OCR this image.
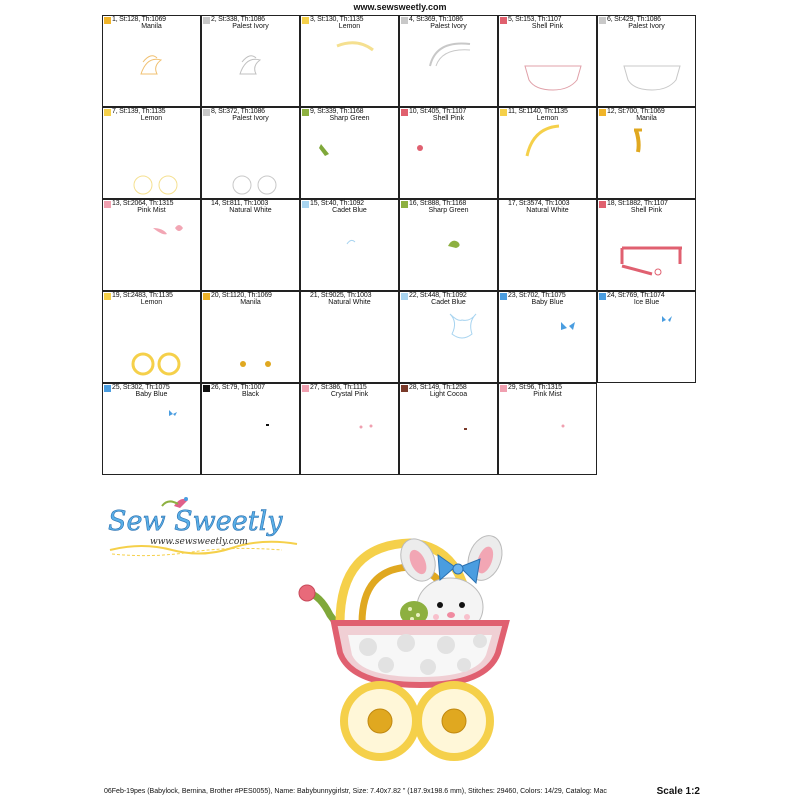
www.sewsweetly.com
1, St:128, Th:1069
Manila
2, St:338, Th:1086
Palest Ivory
3, St:130, Th:1135
Lemon
4, St:369, Th:1086
Palest Ivory
5, St:153, Th:1107
Shell Pink
6, St:429, Th:1086
Palest Ivory
7, St:139, Th:1135
Lemon
8, St:372, Th:1086
Palest Ivory
9, St:339, Th:1168
Sharp Green
10, St:405, Th:1107
Shell Pink
11, St:1140, Th:1135
Lemon
12, St:700, Th:1069
Manila
13, St:2064, Th:1315
Pink Mist
14, St:811, Th:1003
Natural White
15, St:40, Th:1092
Cadet Blue
16, St:888, Th:1168
Sharp Green
17, St:3574, Th:1003
Natural White
18, St:1882, Th:1107
Shell Pink
19, St:2483, Th:1135
Lemon
20, St:1120, Th:1069
Manila
21, St:9025, Th:1003
Natural White
22, St:448, Th:1092
Cadet Blue
23, St:702, Th:1075
Baby Blue
24, St:769, Th:1074
Ice Blue
25, St:302, Th:1075
Baby Blue
26, St:79, Th:1007
Black
27, St:386, Th:1115
Crystal Pink
28, St:149, Th:1258
Light Cocoa
29, St:96, Th:1315
Pink Mist
Sew Sweetly
www.sewsweetly.com
06Feb-19pes (Babylock, Bernina, Brother #PES0055), Name: Babybunnygirlstr, Size: 7.40x7.82 " (187.9x198.6 mm), Stitches: 29460, Colors: 14/29, Catalog: Mac	Scale 1:2
